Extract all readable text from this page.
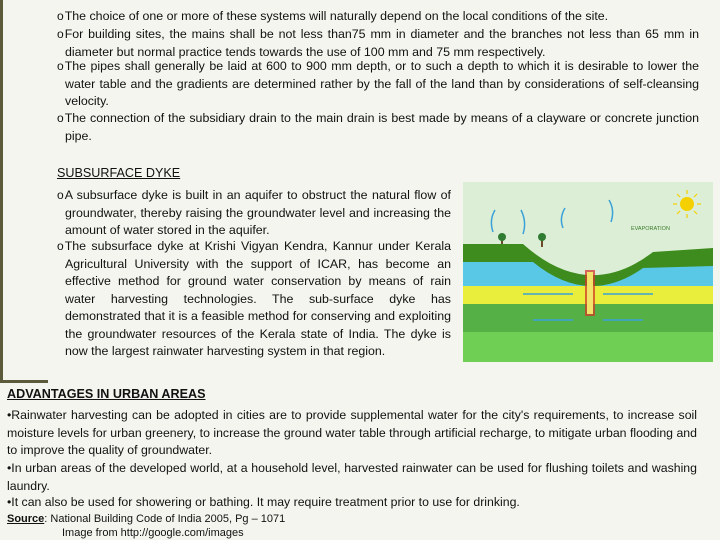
oThe choice of one or more of these systems will naturally depend on the local conditions of the site.

oFor building sites, the mains shall be not less than75 mm in diameter and the branches not less than 65 mm in diameter but normal practice tends towards the use of 100 mm and 75 mm respectively.

oThe pipes shall generally be laid at 600 to 900 mm depth, or to such a depth to which it is desirable to lower the water table and the gradients are determined rather by the fall of the land than by considerations of self-cleansing velocity.

oThe connection of the subsidiary drain to the main drain is best made by means of a clayware or concrete junction pipe.

SUBSURFACE DYKE

oA subsurface dyke is built in an aquifer to obstruct the natural flow of groundwater, thereby raising the groundwater level and increasing the amount of water stored in the aquifer.

oThe subsurface dyke at Krishi Vigyan Kendra, Kannur under Kerala Agricultural University with the support of ICAR, has become an effective method for ground water conservation by means of rain water harvesting technologies. The sub-surface dyke has demonstrated that it is a feasible method for conserving and exploiting the groundwater resources of the Kerala state of India. The dyke is now the largest rainwater harvesting system in that region.

EVAPORATION

ADVANTAGES IN URBAN AREAS

•Rainwater harvesting can be adopted in cities are to provide supplemental water for the city's requirements, to increase soil moisture levels for urban greenery, to increase the ground water table through artificial recharge, to mitigate urban flooding and to improve the quality of groundwater.

•In urban areas of the developed world, at a household level, harvested rainwater can be used for flushing toilets and washing laundry.

•It can also be used for showering or bathing. It may require treatment prior to use for drinking.

Source: National Building Code of India 2005, Pg – 1071

Image from http://google.com/images
